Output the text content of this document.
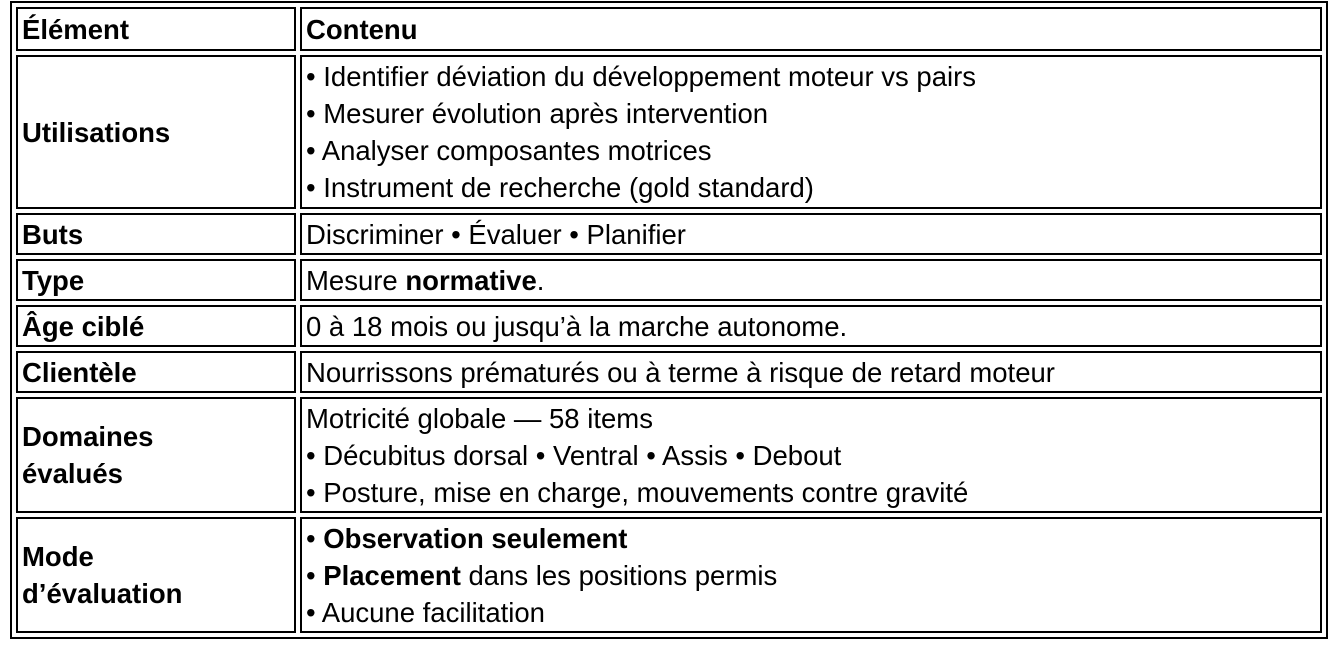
Élément	Contenu
Utilisations	• Identifier déviation du développement moteur vs pairs
• Mesurer évolution après intervention
• Analyser composantes motrices
• Instrument de recherche (gold standard)

Buts	Discriminer • Évaluer • Planifier
Type	Mesure normative.
Âge ciblé	0 à 18 mois ou jusqu’à la marche autonome.
Clientèle	Nourrissons prématurés ou à terme à risque de retard moteur

Domaines
évalués	Motricité globale — 58 items
• Décubitus dorsal • Ventral • Assis • Debout
• Posture, mise en charge, mouvements contre gravité

Mode
d’évaluation	• Observation seulement
• Placement dans les positions permis
• Aucune facilitation
